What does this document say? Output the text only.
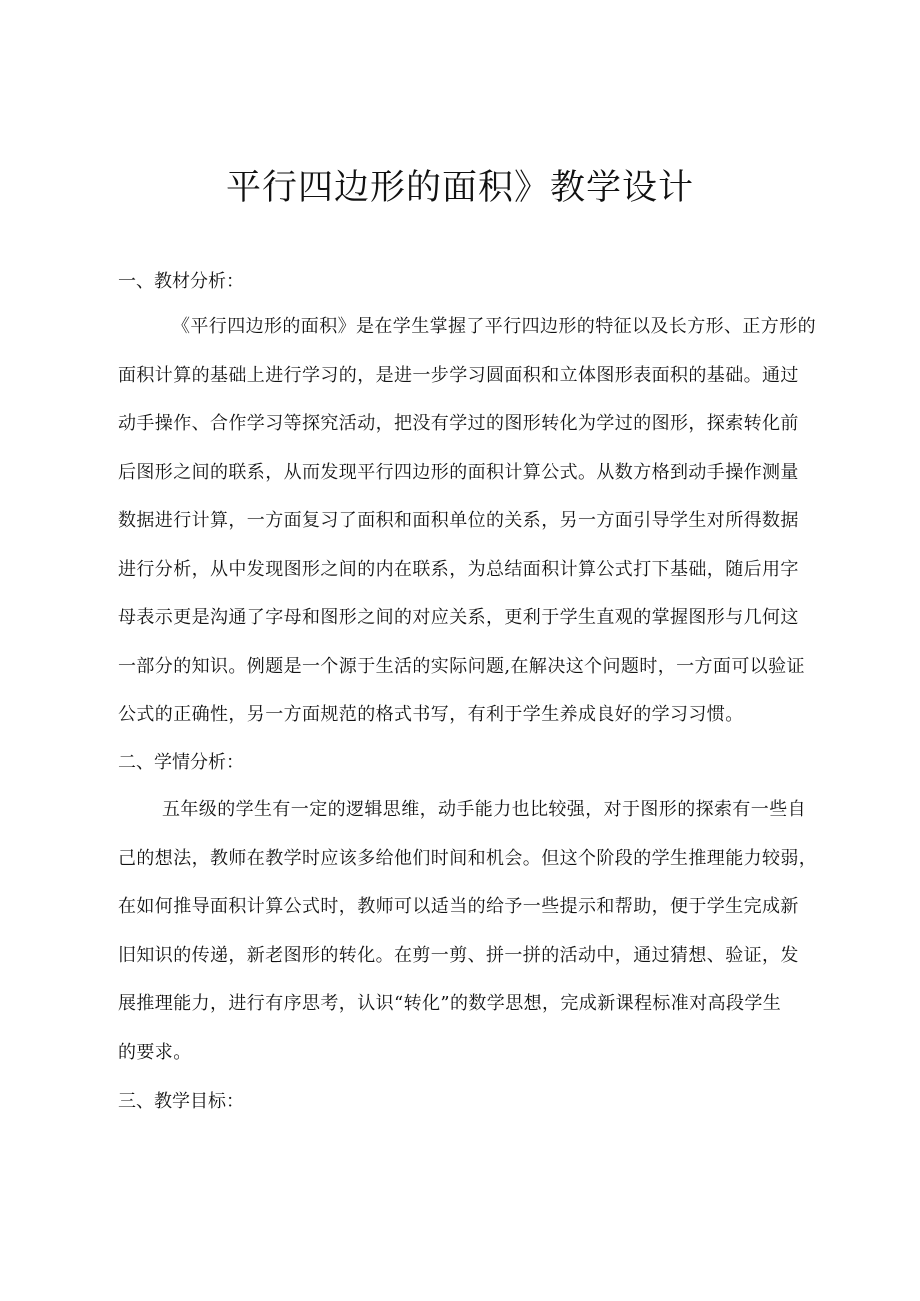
平行四边形的面积》教学设计
一、教材分析：
《平行四边形的面积》是在学生掌握了平行四边形的特征以及长方形、正方形的
面积计算的基础上进行学习的，是进一步学习圆面积和立体图形表面积的基础。通过
动手操作、合作学习等探究活动，把没有学过的图形转化为学过的图形，探索转化前
后图形之间的联系，从而发现平行四边形的面积计算公式。从数方格到动手操作测量
数据进行计算，一方面复习了面积和面积单位的关系，另一方面引导学生对所得数据
进行分析，从中发现图形之间的内在联系，为总结面积计算公式打下基础，随后用字
母表示更是沟通了字母和图形之间的对应关系，更利于学生直观的掌握图形与几何这
一部分的知识。例题是一个源于生活的实际问题,在解决这个问题时，一方面可以验证
公式的正确性，另一方面规范的格式书写，有利于学生养成良好的学习习惯。
二、学情分析：
五年级的学生有一定的逻辑思维，动手能力也比较强，对于图形的探索有一些自
己的想法，教师在教学时应该多给他们时间和机会。但这个阶段的学生推理能力较弱，
在如何推导面积计算公式时，教师可以适当的给予一些提示和帮助，便于学生完成新
旧知识的传递，新老图形的转化。在剪一剪、拼一拼的活动中，通过猜想、验证，发
展推理能力，进行有序思考，认识“转化”的数学思想，完成新课程标准对高段学生
的要求。
三、教学目标：
